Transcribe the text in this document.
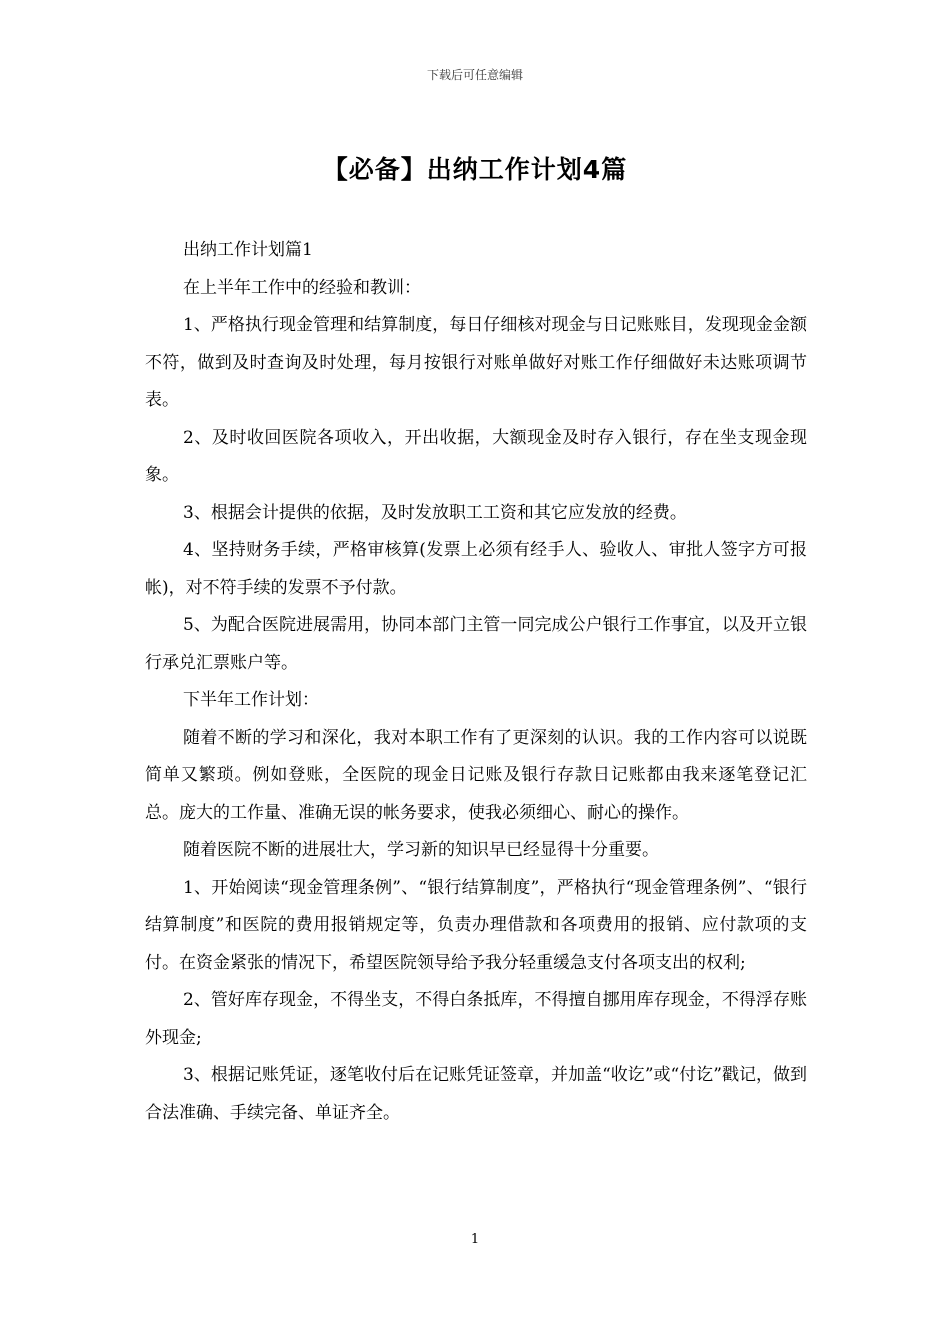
下载后可任意编辑
【必备】出纳工作计划4篇

出纳工作计划篇1

在上半年工作中的经验和教训：

1、严格执行现金管理和结算制度，每日仔细核对现金与日记账账目，发现现金金额不符，做到及时查询及时处理，每月按银行对账单做好对账工作仔细做好未达账项调节表。

2、及时收回医院各项收入，开出收据，大额现金及时存入银行，存在坐支现金现象。

3、根据会计提供的依据，及时发放职工工资和其它应发放的经费。

4、坚持财务手续，严格审核算(发票上必须有经手人、验收人、审批人签字方可报帐)，对不符手续的发票不予付款。

5、为配合医院进展需用，协同本部门主管一同完成公户银行工作事宜，以及开立银行承兑汇票账户等。

下半年工作计划：

随着不断的学习和深化，我对本职工作有了更深刻的认识。我的工作内容可以说既简单又繁琐。例如登账，全医院的现金日记账及银行存款日记账都由我来逐笔登记汇总。庞大的工作量、准确无误的帐务要求，使我必须细心、耐心的操作。

随着医院不断的进展壮大，学习新的知识早已经显得十分重要。

1、开始阅读“现金管理条例”、“银行结算制度”，严格执行“现金管理条例”、“银行结算制度”和医院的费用报销规定等，负责办理借款和各项费用的报销、应付款项的支付。在资金紧张的情况下，希望医院领导给予我分轻重缓急支付各项支出的权利;

2、管好库存现金，不得坐支，不得白条抵库，不得擅自挪用库存现金，不得浮存账外现金;

3、根据记账凭证，逐笔收付后在记账凭证签章，并加盖“收讫”或“付讫”戳记，做到合法准确、手续完备、单证齐全。

1
